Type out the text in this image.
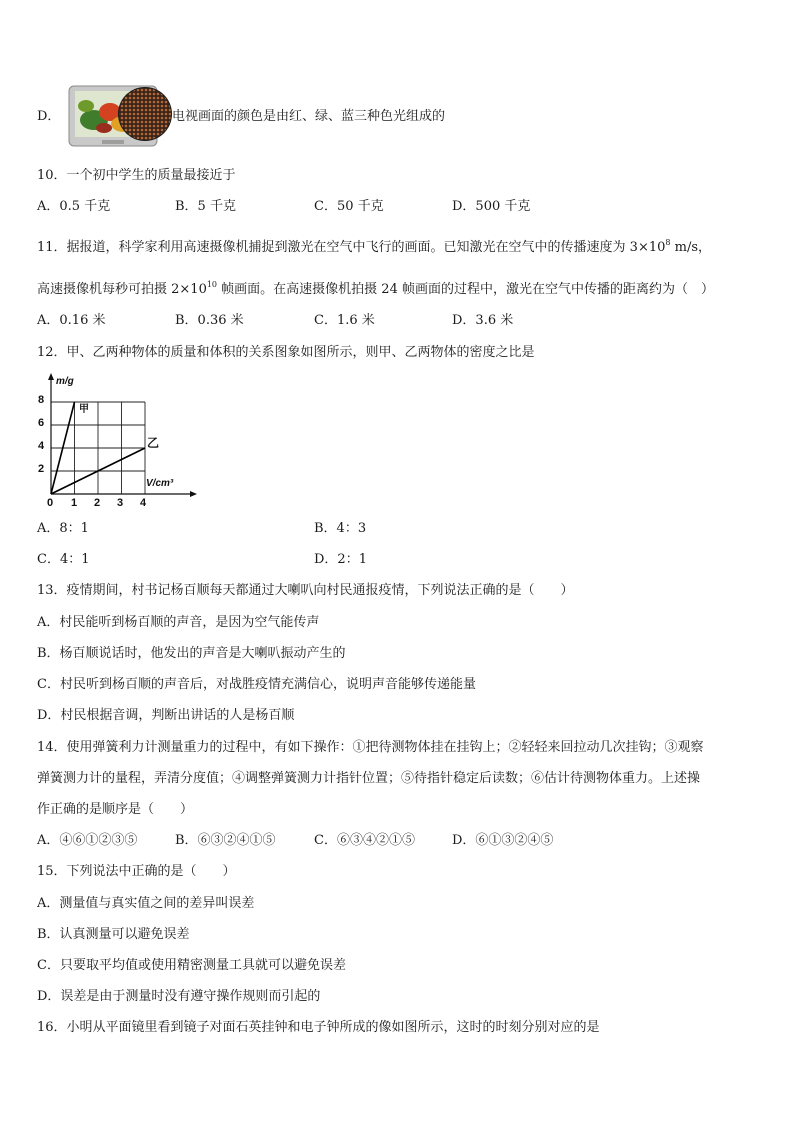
D．	电视画面的颜色是由红、绿、蓝三种色光组成的
10．一个初中学生的质量最接近于
A．0.5 千克	B．5 千克	C．50 千克	D．500 千克
11．据报道，科学家利用高速摄像机捕捉到激光在空气中飞行的画面。已知激光在空气中的传播速度为 $3\times 10^8$ m/s，
高速摄像机每秒可拍摄 $2\times 10^{10}$ 帧画面。在高速摄像机拍摄 24 帧画面的过程中，激光在空气中传播的距离约为（　）
A．0.16 米	B．0.36 米	C．1.6 米	D．3.6 米
12．甲、乙两种物体的质量和体积的关系图象如图所示，则甲、乙两物体的密度之比是
m/g
V/cm³
8
6
4
2
0 1 2 3 4
甲
乙
A．8：1	B．4：3
C．4：1	D．2：1
13．疫情期间，村书记杨百顺每天都通过大喇叭向村民通报疫情，下列说法正确的是（　　）
A．村民能听到杨百顺的声音，是因为空气能传声
B．杨百顺说话时，他发出的声音是大喇叭振动产生的
C．村民听到杨百顺的声音后，对战胜疫情充满信心，说明声音能够传递能量
D．村民根据音调，判断出讲话的人是杨百顺
14．使用弹簧利力计测量重力的过程中，有如下操作：①把待测物体挂在挂钩上；②轻轻来回拉动几次挂钩；③观察
弹簧测力计的量程，弄清分度值；④调整弹簧测力计指针位置；⑤待指针稳定后读数；⑥估计待测物体重力。上述操
作正确的是顺序是（　　）
A．④⑥①②③⑤	B．⑥③②④①⑤	C．⑥③④②①⑤	D．⑥①③②④⑤
15．下列说法中正确的是（　　）
A．测量值与真实值之间的差异叫误差
B．认真测量可以避免误差
C．只要取平均值或使用精密测量工具就可以避免误差
D．误差是由于测量时没有遵守操作规则而引起的
16．小明从平面镜里看到镜子对面石英挂钟和电子钟所成的像如图所示，这时的时刻分别对应的是
